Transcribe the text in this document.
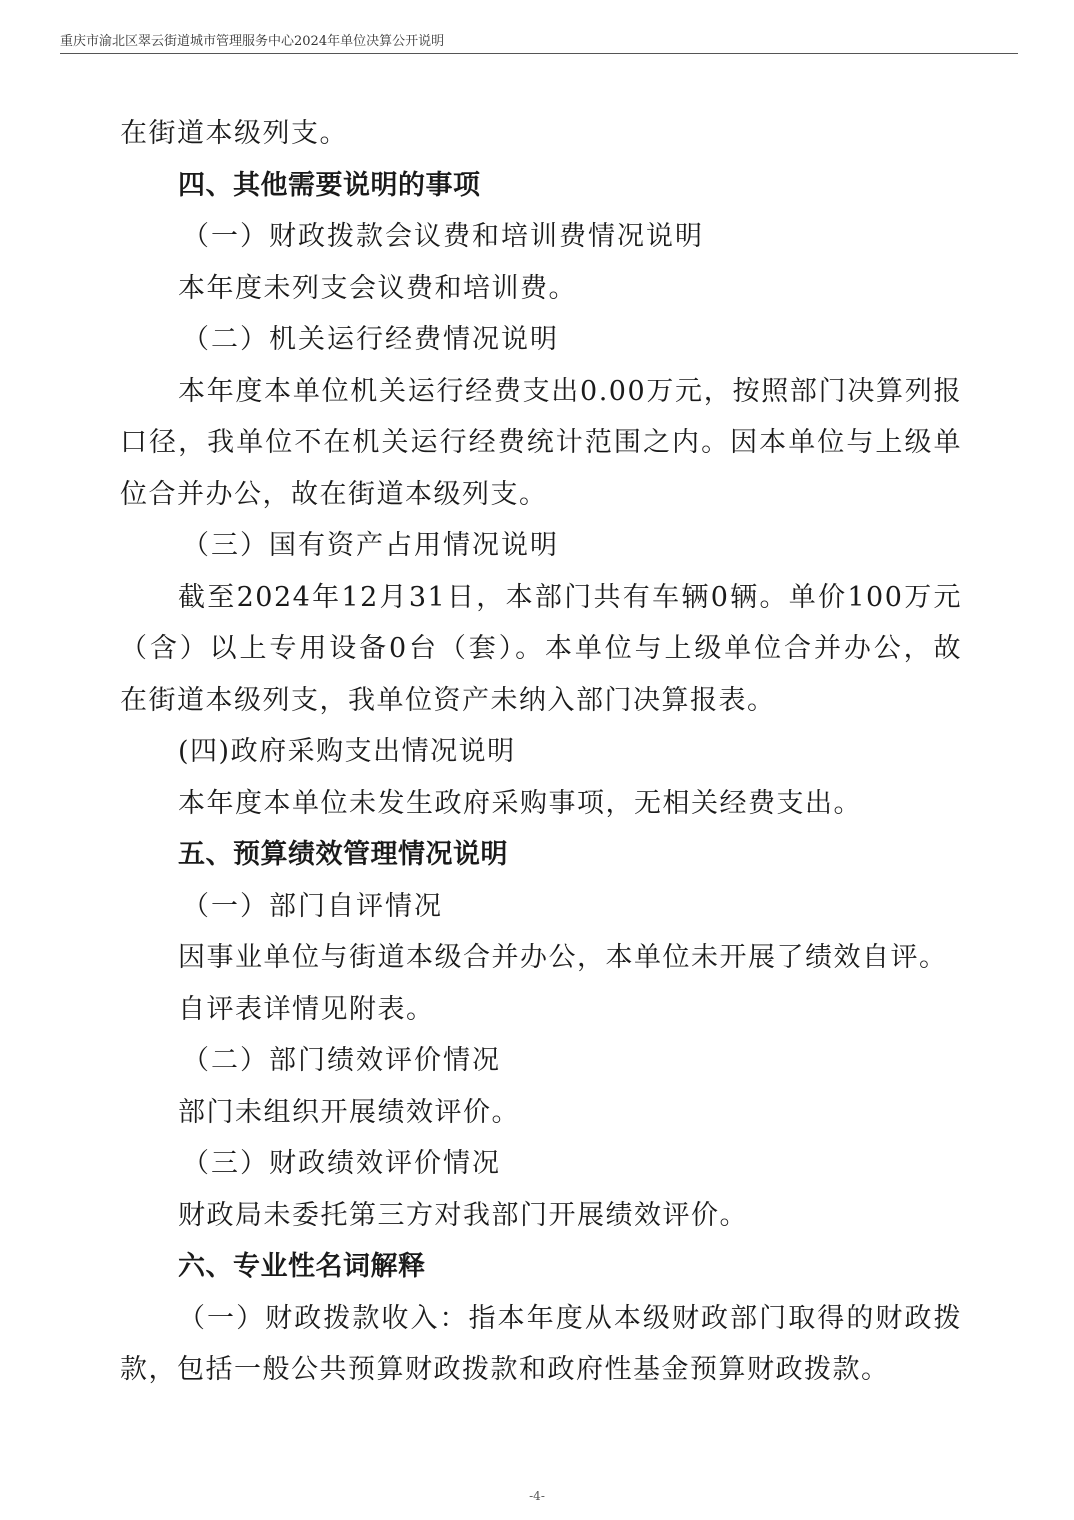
重庆市渝北区翠云街道城市管理服务中心2024年单位决算公开说明

在街道本级列支。

四、其他需要说明的事项

（一）财政拨款会议费和培训费情况说明

本年度未列支会议费和培训费。

（二）机关运行经费情况说明

本年度本单位机关运行经费支出0.00万元，按照部门决算列报

口径，我单位不在机关运行经费统计范围之内。因本单位与上级单

位合并办公，故在街道本级列支。

（三）国有资产占用情况说明

截至2024年12月31日，本部门共有车辆0辆。单价100万元

（含）以上专用设备0台（套）。本单位与上级单位合并办公，故

在街道本级列支，我单位资产未纳入部门决算报表。

(四)政府采购支出情况说明

本年度本单位未发生政府采购事项，无相关经费支出。

五、预算绩效管理情况说明

（一）部门自评情况

因事业单位与街道本级合并办公，本单位未开展了绩效自评。

自评表详情见附表。

（二）部门绩效评价情况

部门未组织开展绩效评价。

（三）财政绩效评价情况

财政局未委托第三方对我部门开展绩效评价。

六、专业性名词解释

（一）财政拨款收入：指本年度从本级财政部门取得的财政拨

款，包括一般公共预算财政拨款和政府性基金预算财政拨款。

-4-
